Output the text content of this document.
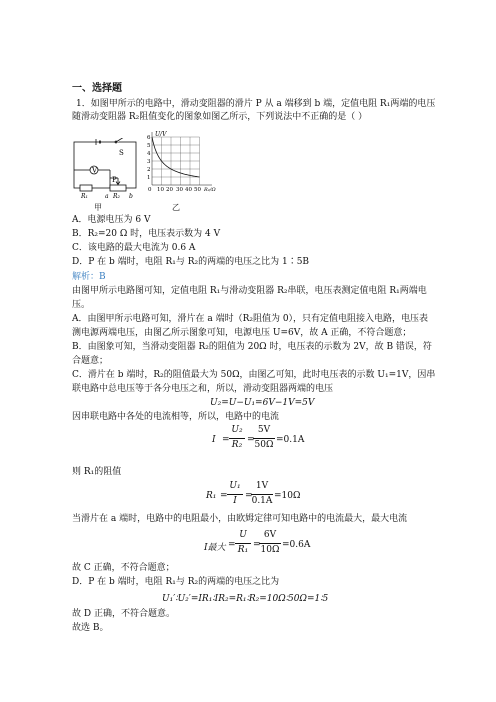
一、选择题
1．如图甲所示的电路中，滑动变阻器的滑片 P 从 a 端移到 b 端，定值电阻 R₁两端的电压
随滑动变阻器 R₂阻值变化的图象如图乙所示，下列说法中不正确的是（ ）
V
S
P
R₁	a R₂ b
甲
U/V
R₂/Ω
1
2
3
4
5
6
0 10 20 30 40 50
乙
A．电源电压为 6 V
B．R₂=20 Ω 时，电压表示数为 4 V
C．该电路的最大电流为 0.6 A
D．P 在 b 端时，电阻 R₁与 R₂的两端的电压之比为 1∶5B
解析：B
由图甲所示电路图可知，定值电阻 R₁与滑动变阻器 R₂串联，电压表测定值电阻 R₁两端电
压。
A．由图甲所示电路可知，滑片在 a 端时（R₂阻值为 0），只有定值电阻接入电路，电压表
测电源两端电压，由图乙所示图象可知，电源电压 U=6V，故 A 正确，不符合题意；
B．由图象可知，当滑动变阻器 R₂的阻值为 20Ω 时，电压表的示数为 2V，故 B 错误，符
合题意；
C．滑片在 b 端时，R₂的阻值最大为 50Ω，由图乙可知，此时电压表的示数 U₁=1V，因串
联电路中总电压等于各分电压之和，所以，滑动变阻器两端的电压
U₂=U−U₁=6V−1V=5V
因串联电路中各处的电流相等，所以，电路中的电流
I =
U₂
R₂ =
5V
50Ω =0.1A
则 R₁的阻值
R₁ =
U₁
I =
1V
0.1A =10Ω
当滑片在 a 端时，电路中的电阻最小，由欧姆定律可知电路中的电流最大，最大电流
I最大 =
U
R₁ =
6V
10Ω =0.6A
故 C 正确，不符合题意；
D．P 在 b 端时，电阻 R₁与 R₂的两端的电压之比为
U₁′∶U₂′=IR₁∶IR₂=R₁∶R₂=10Ω∶50Ω=1∶5
故 D 正确，不符合题意。
故选 B。
